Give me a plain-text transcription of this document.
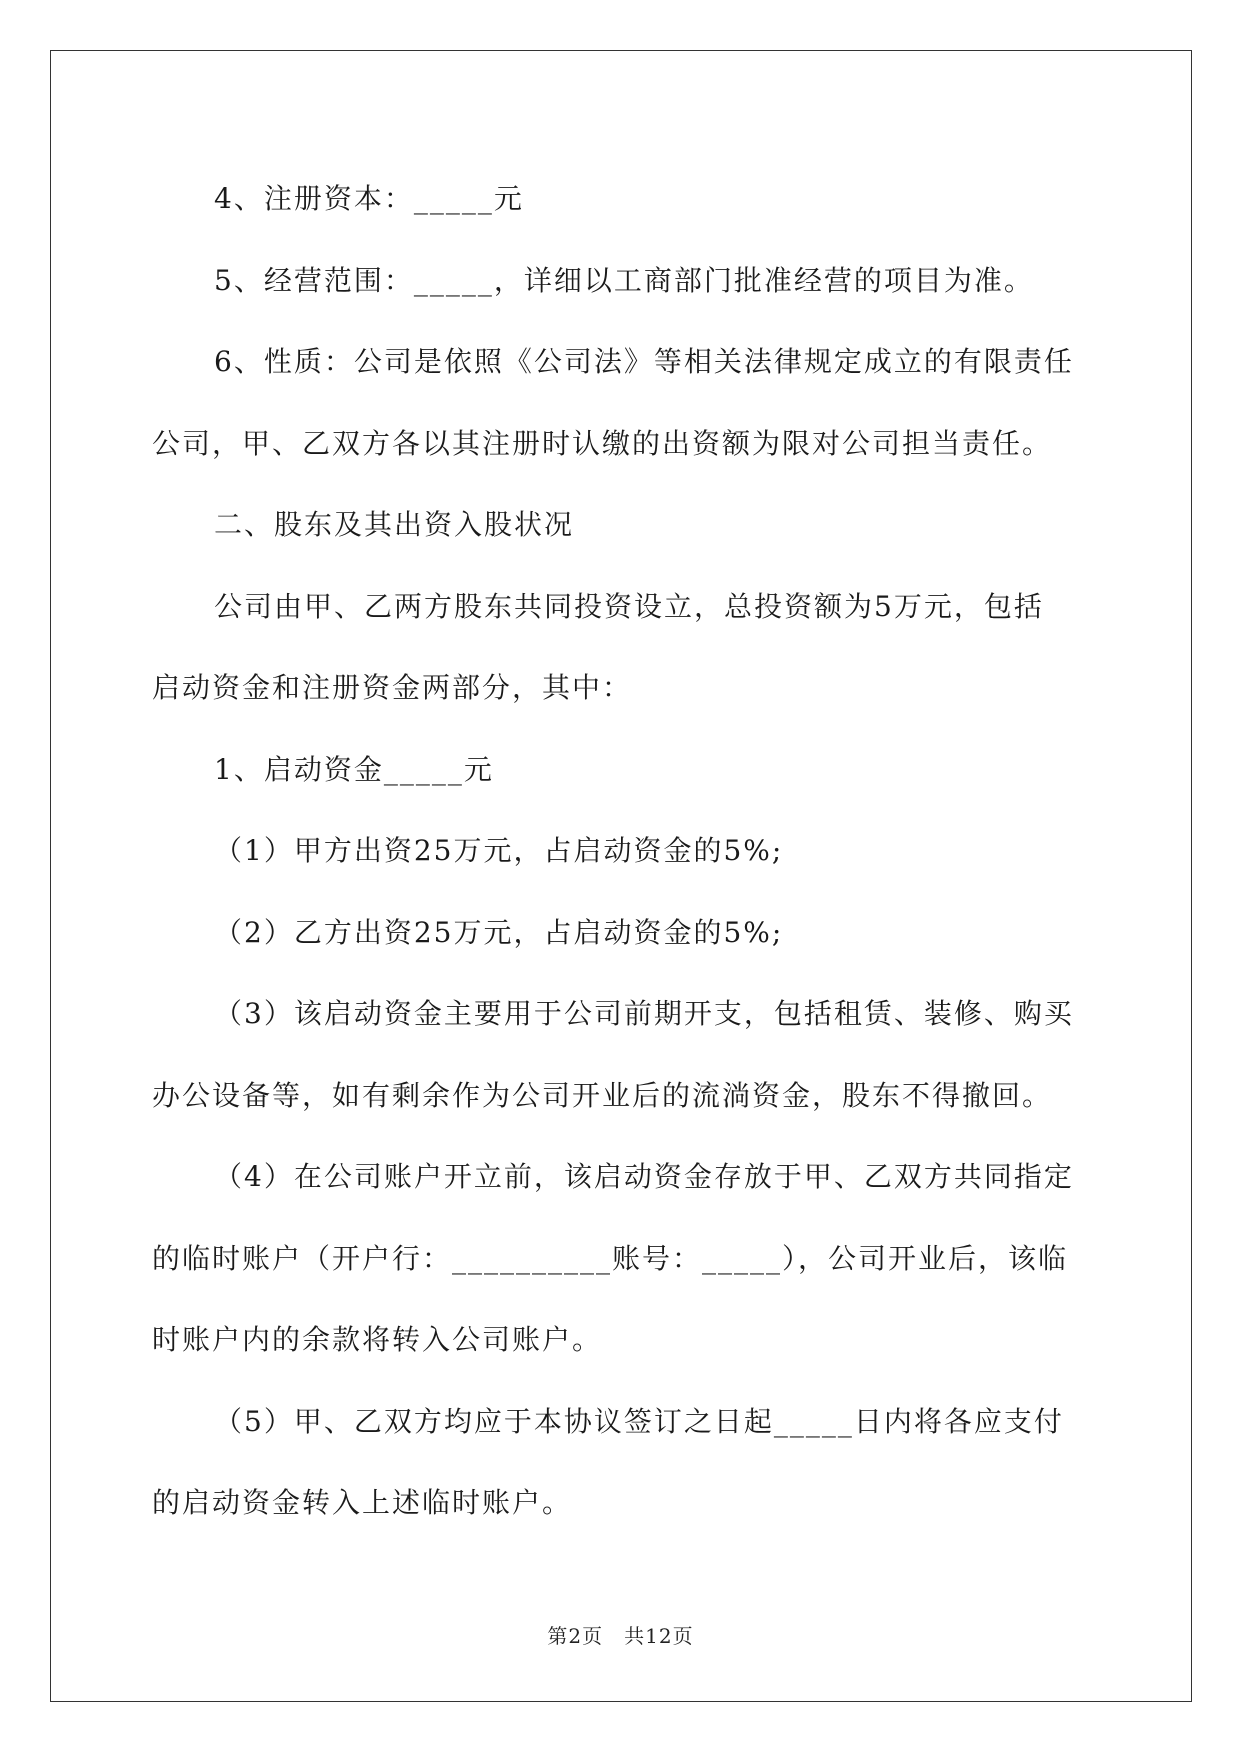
4、注册资本：_____元
5、经营范围：_____，详细以工商部门批准经营的项目为准。
6、性质：公司是依照《公司法》等相关法律规定成立的有限责任
公司，甲、乙双方各以其注册时认缴的出资额为限对公司担当责任。
二、股东及其出资入股状况
公司由甲、乙两方股东共同投资设立，总投资额为5万元，包括
启动资金和注册资金两部分，其中：
1、启动资金_____元
（1）甲方出资25万元，占启动资金的5%;
（2）乙方出资25万元，占启动资金的5%;
（3）该启动资金主要用于公司前期开支，包括租赁、装修、购买
办公设备等，如有剩余作为公司开业后的流淌资金，股东不得撤回。
（4）在公司账户开立前，该启动资金存放于甲、乙双方共同指定
的临时账户（开户行：__________账号：_____），公司开业后，该临
时账户内的余款将转入公司账户。
（5）甲、乙双方均应于本协议签订之日起_____日内将各应支付
的启动资金转入上述临时账户。
第2页　共12页
